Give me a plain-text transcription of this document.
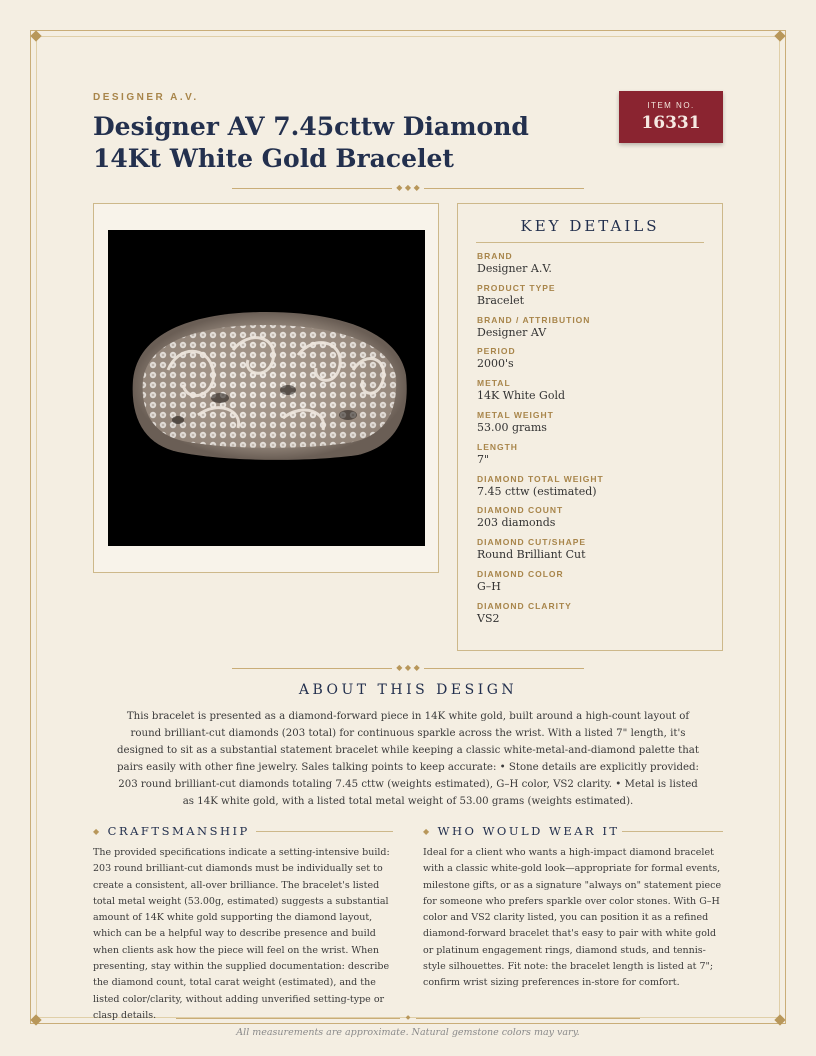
DESIGNER A.V.
Designer AV 7.45cttw Diamond 14Kt White Gold Bracelet
ITEM NO.
16331
◆ ◆ ◆
KEY DETAILS
BRAND
Designer A.V.
PRODUCT TYPE
Bracelet
BRAND / ATTRIBUTION
Designer AV
PERIOD
2000's
METAL
14K White Gold
METAL WEIGHT
53.00 grams
LENGTH
7"
DIAMOND TOTAL WEIGHT
7.45 cttw (estimated)
DIAMOND COUNT
203 diamonds
DIAMOND CUT/SHAPE
Round Brilliant Cut
DIAMOND COLOR
G–H
DIAMOND CLARITY
VS2
◆ ◆ ◆
ABOUT THIS DESIGN
This bracelet is presented as a diamond-forward piece in 14K white gold, built around a high-count layout of round brilliant-cut diamonds (203 total) for continuous sparkle across the wrist. With a listed 7" length, it's designed to sit as a substantial statement bracelet while keeping a classic white-metal-and-diamond palette that pairs easily with other fine jewelry. Sales talking points to keep accurate: • Stone details are explicitly provided: 203 round brilliant-cut diamonds totaling 7.45 cttw (weights estimated), G–H color, VS2 clarity. • Metal is listed as 14K white gold, with a listed total metal weight of 53.00 grams (weights estimated).
◆ CRAFTSMANSHIP
The provided specifications indicate a setting-intensive build: 203 round brilliant-cut diamonds must be individually set to create a consistent, all-over brilliance. The bracelet's listed total metal weight (53.00g, estimated) suggests a substantial amount of 14K white gold supporting the diamond layout, which can be a helpful way to describe presence and build when clients ask how the piece will feel on the wrist. When presenting, stay within the supplied documentation: describe the diamond count, total carat weight (estimated), and the listed color/clarity, without adding unverified setting-type or clasp details.
◆ WHO WOULD WEAR IT
Ideal for a client who wants a high-impact diamond bracelet with a classic white-gold look—appropriate for formal events, milestone gifts, or as a signature "always on" statement piece for someone who prefers sparkle over color stones. With G–H color and VS2 clarity listed, you can position it as a refined diamond-forward bracelet that's easy to pair with white gold or platinum engagement rings, diamond studs, and tennis-style silhouettes. Fit note: the bracelet length is listed at 7"; confirm wrist sizing preferences in-store for comfort.
◆
All measurements are approximate. Natural gemstone colors may vary.
